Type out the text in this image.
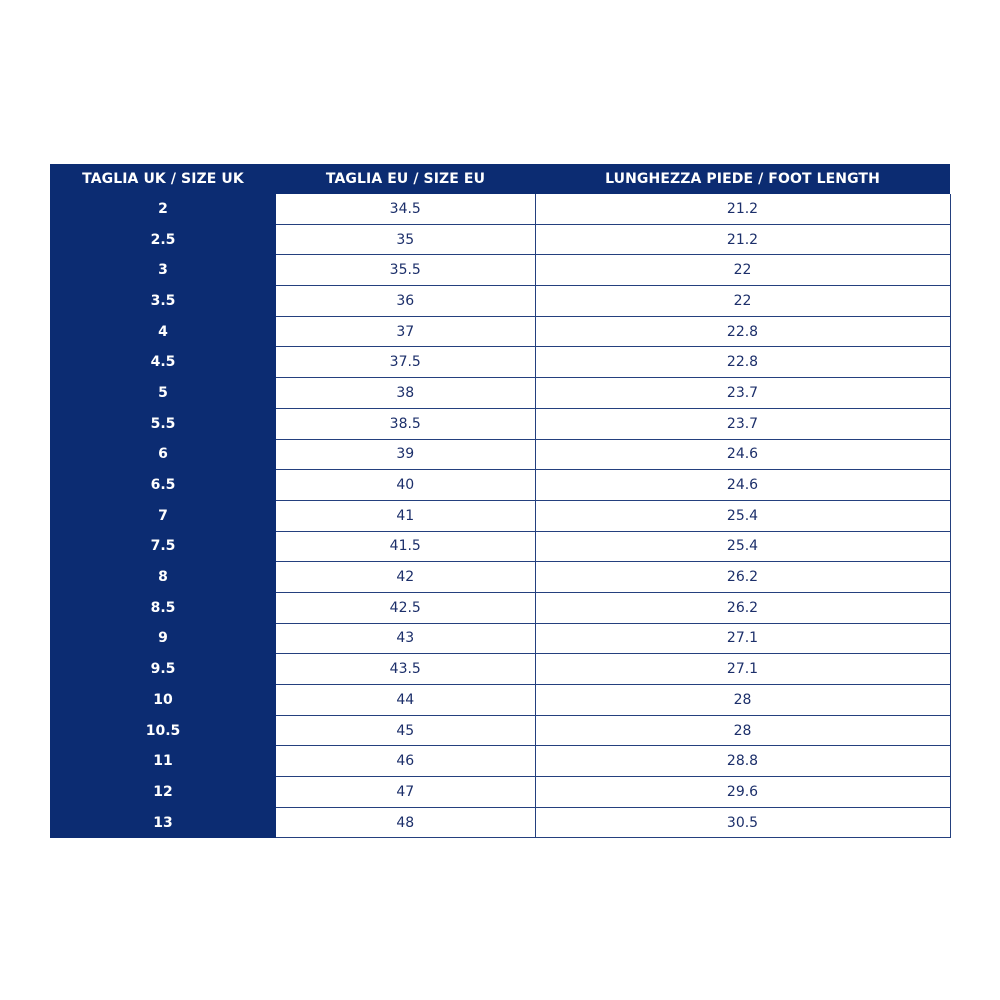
TAGLIA UK / SIZE UK	TAGLIA EU / SIZE EU	LUNGHEZZA PIEDE / FOOT LENGTH
2	34.5	21.2
2.5	35	21.2
3	35.5	22
3.5	36	22
4	37	22.8
4.5	37.5	22.8
5	38	23.7
5.5	38.5	23.7
6	39	24.6
6.5	40	24.6
7	41	25.4
7.5	41.5	25.4
8	42	26.2
8.5	42.5	26.2
9	43	27.1
9.5	43.5	27.1
10	44	28
10.5	45	28
11	46	28.8
12	47	29.6
13	48	30.5
